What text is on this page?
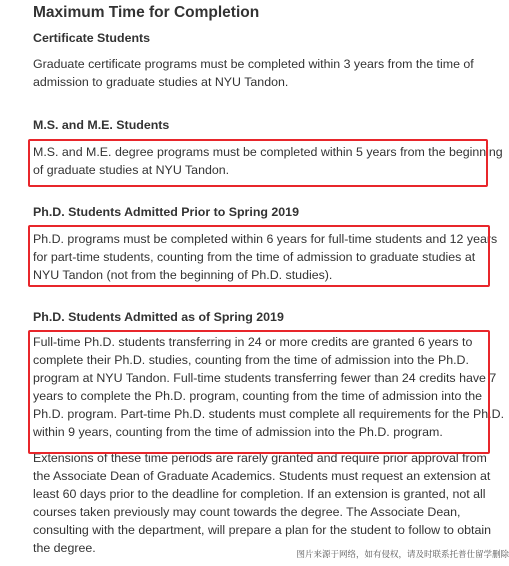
Maximum Time for Completion
Certificate Students
Graduate certificate programs must be completed within 3 years from the time of
admission to graduate studies at NYU Tandon.
M.S. and M.E. Students
M.S. and M.E. degree programs must be completed within 5 years from the beginning
of graduate studies at NYU Tandon.
Ph.D. Students Admitted Prior to Spring 2019
Ph.D. programs must be completed within 6 years for full-time students and 12 years
for part-time students, counting from the time of admission to graduate studies at
NYU Tandon (not from the beginning of Ph.D. studies).
Ph.D. Students Admitted as of Spring 2019
Full-time Ph.D. students transferring in 24 or more credits are granted 6 years to
complete their Ph.D. studies, counting from the time of admission into the Ph.D.
program at NYU Tandon. Full-time students transferring fewer than 24 credits have 7
years to complete the Ph.D. program, counting from the time of admission into the
Ph.D. program. Part-time Ph.D. students must complete all requirements for the Ph.D.
within 9 years, counting from the time of admission into the Ph.D. program.
Extensions of these time periods are rarely granted and require prior approval from
the Associate Dean of Graduate Academics. Students must request an extension at
least 60 days prior to the deadline for completion. If an extension is granted, not all
courses taken previously may count towards the degree. The Associate Dean,
consulting with the department, will prepare a plan for the student to follow to obtain
the degree.	图片来源于网络，如有侵权，请及时联系托普仕留学删除
